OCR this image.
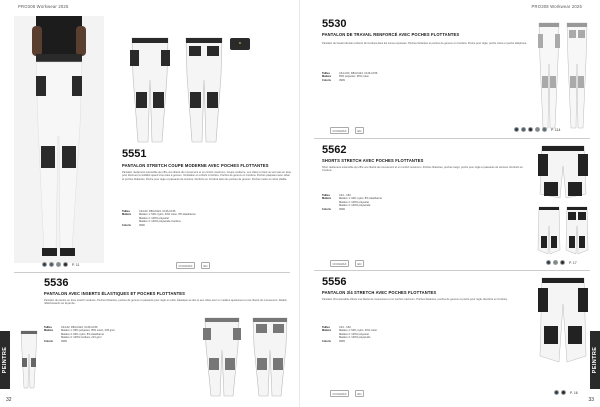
PRO308 Workwear 2025
★
5551
PANTALON STRETCH COUPE MODERNE AVEC POCHES FLOTTANTES
Pantalon réellement extensible qui offre une liberté de mouvement et un confort maximum. Coupe moderne. Les côtés en haut ne sont pas en tissu pour diminuer la visibilité quand vous êtes à genoux. Ventilation et renforts à l'arrière. Poches de genoux en Cordura. Poches plaquées avec rabat et poches flottantes. Poche pour règle et passants de ceinture. Renforts en Cordura dans les poches de genoux. Poches mètre et mètre pliable.
Tailles	C44-62, D84-D124, C146-C156
Matière	Matière 1: 52% nylon, 40% coton, 8% élasthanne
Matière 2: 100% polyester
Matière 3: 100% polyamide Cordura
Coloris	0900
P. 11	COOLMAX	EN
5536
PANTALON AVEC INSERTS ÉLASTIQUES ET POCHES FLOTTANTES
Pantalon de peintre en tissu stretch moderne. Poches flottantes, poches de genoux et passants pour règle et outils. Élastique au dos et aux côtés pour un meilleur ajustement et une liberté de mouvement. Détails réfléchissants sur la jambe.
Tailles	C44-62, D84-D124, C146-C156
Matière	Matière 1: 65% polyester, 35% coton, 235 g/m²
Matière 2: 92% nylon, 8% élasthanne
Matière 3: 100% Cordura, 213 g/m²
Coloris	0909
PEINTRE
32
PRO308 Workwear 2025
5530
PANTALON DE TRAVAIL RENFORCÉ AVEC POCHES FLOTTANTES
Pantalon de travail robuste renforcé de Cordura dans les zones exposées. Poches flottantes et poches de genoux en Cordura. Poche pour règle, poche mètre et poche téléphone.
Tailles	C44-C64, D84-D124, C146-C156
Matière	65% polyester, 35% coton
Coloris	0909
P. 114
COOLMAX	EN
5562
SHORTS STRETCH AVEC POCHES FLOTTANTES
Short réellement extensible qui offre une liberté de mouvement et un confort maximum. Poches flottantes, poches cargo, poche pour règle et passants de ceinture. Renforts en Cordura.
Tailles	C44 - C62
Matière	Matière 1: 92% nylon, 8% élasthanne
Matière 2: 100% polyester
Matière 3: 100% polyamide
Coloris	0909
P. 17
COOLMAX	EN
5556
PANTALON 3/4 STRETCH AVEC POCHES FLOTTANTES
Pantalon 3/4 extensible offrant une liberté de mouvement et un confort maximum. Poches flottantes, poches de genoux et poche pour règle. Renforts en Cordura.
Tailles	C44 - C62
Matière	Matière 1: 52% nylon, 40% coton
Matière 2: 100% polyester
Matière 3: 100% polyamide
Coloris	0909
P. 16
COOLMAX	EN
PEINTRE
33
